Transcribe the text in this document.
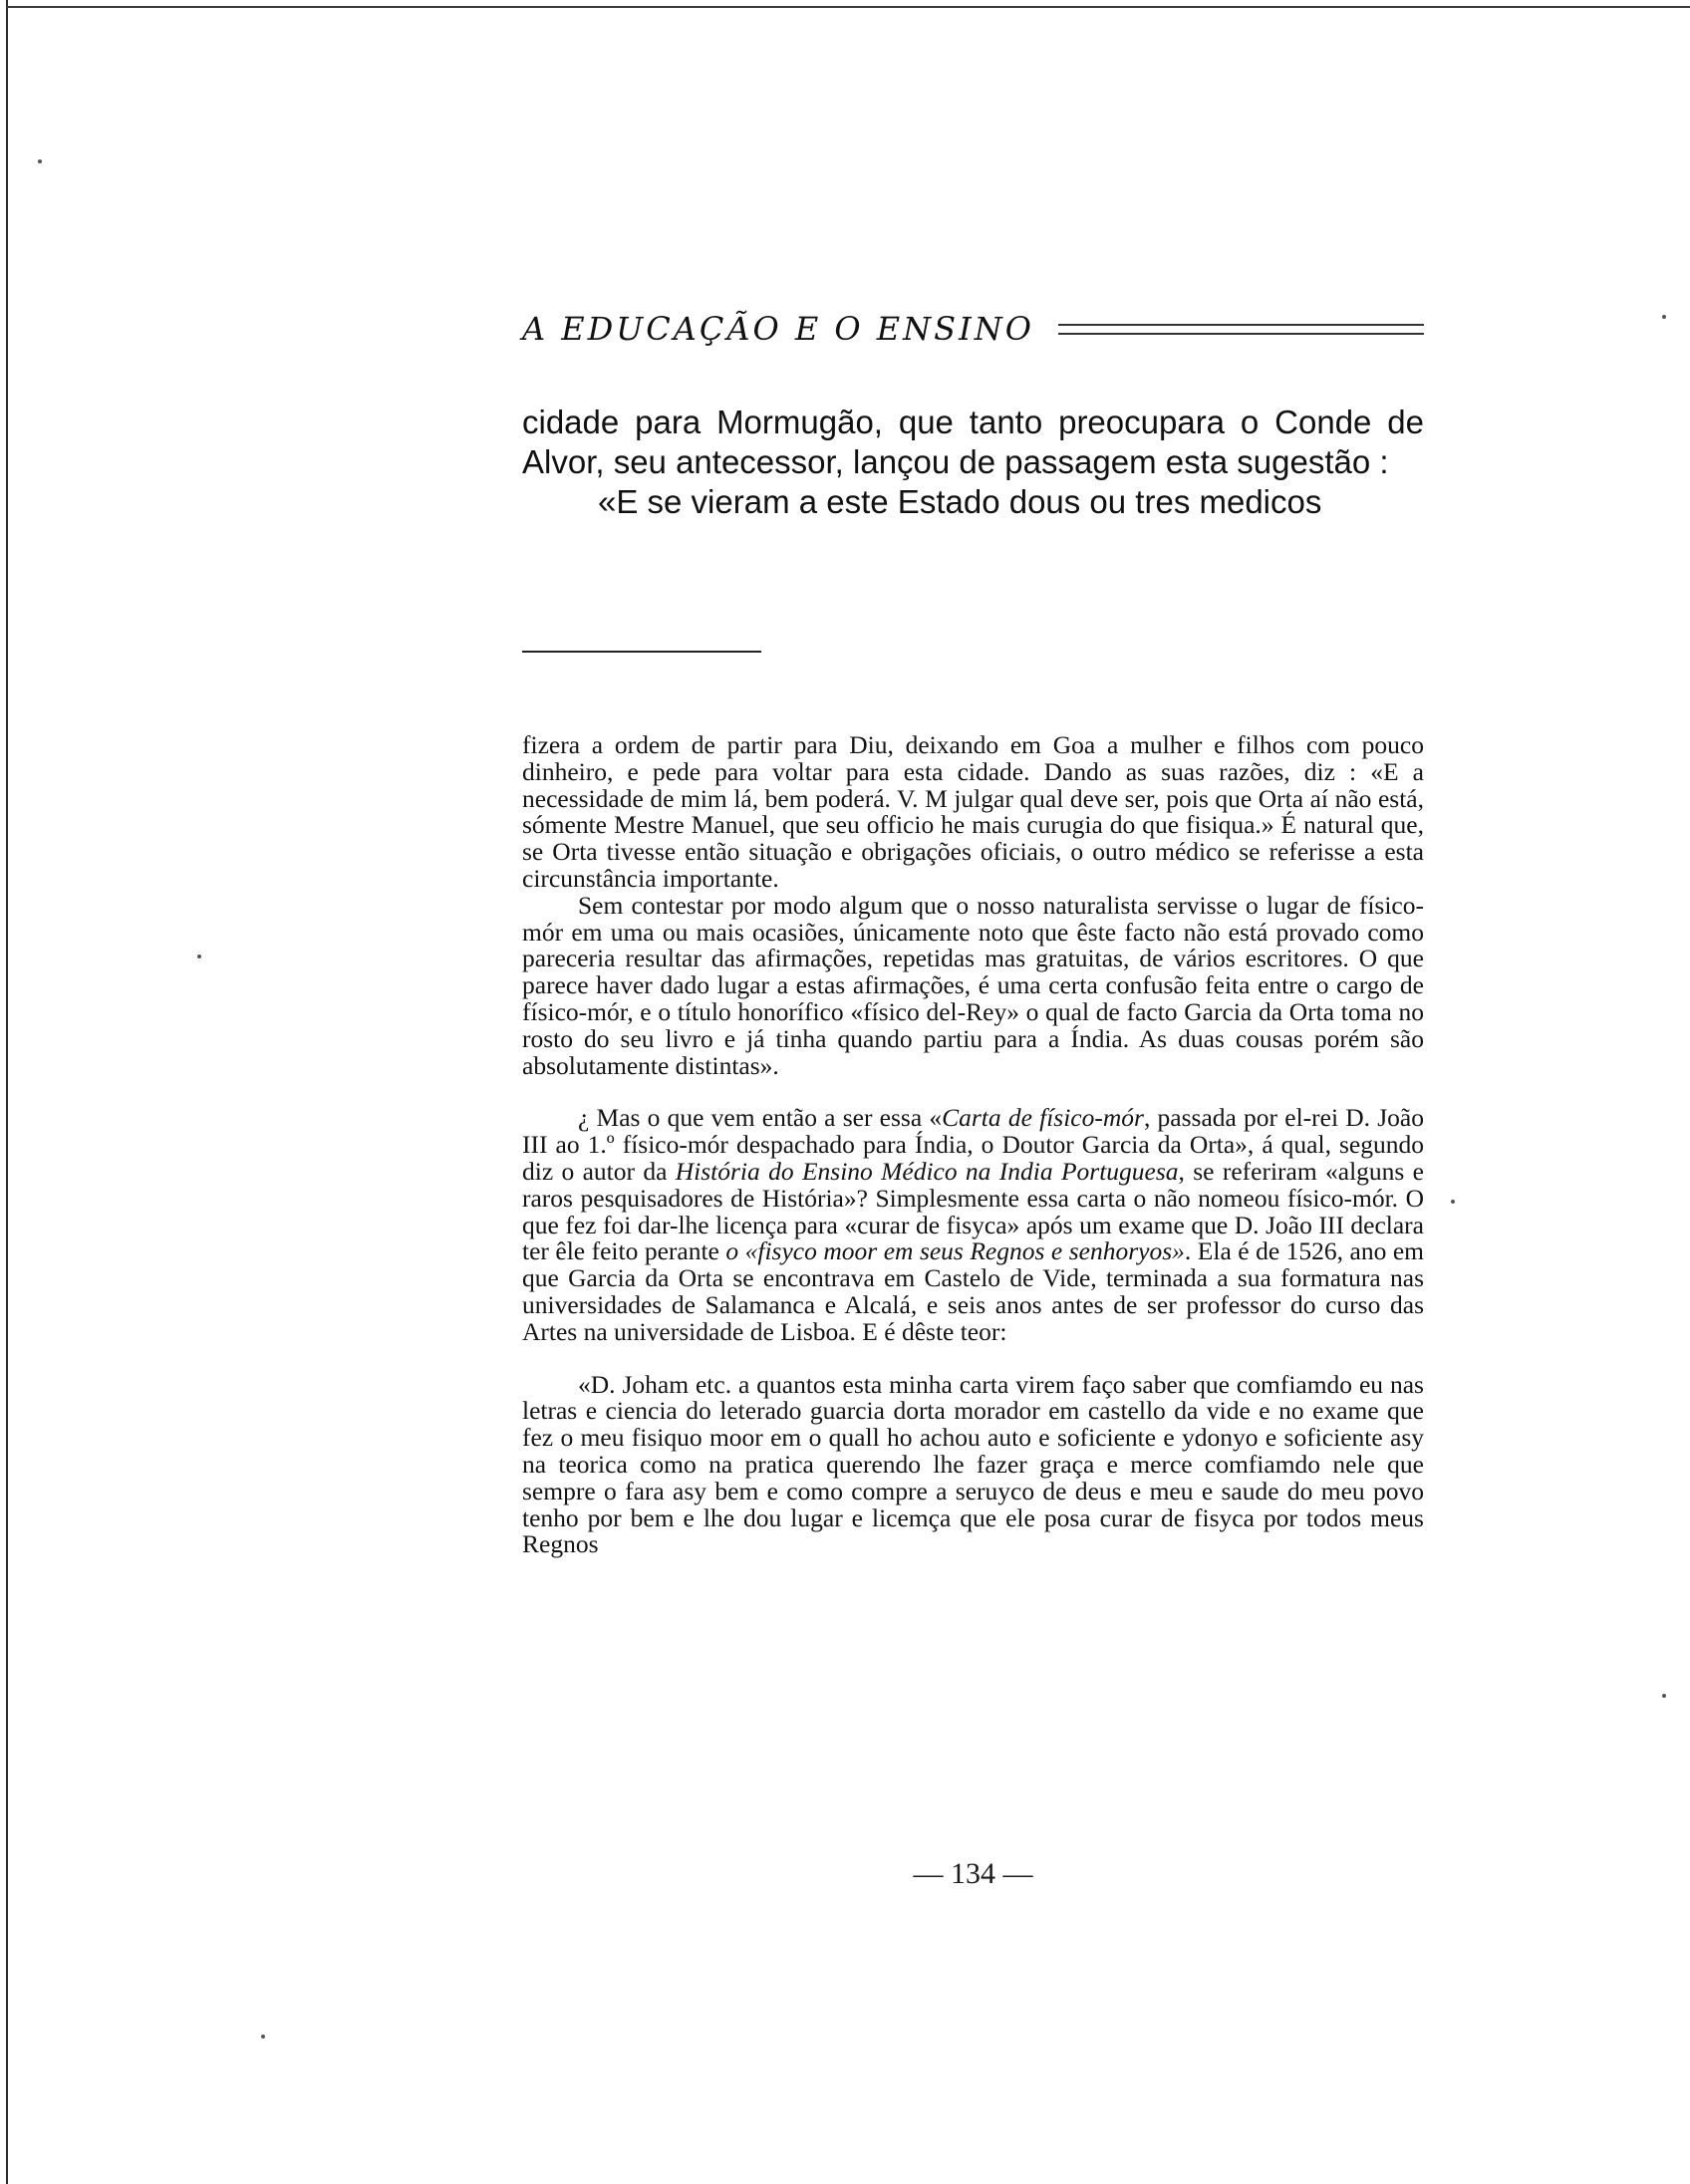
A EDUCAÇÃO E O ENSINO

cidade para Mormugão, que tanto preocupara o Conde de Alvor, seu antecessor, lançou de passagem esta sugestão :

«E se vieram a este Estado dous ou tres medicos

fizera a ordem de partir para Diu, deixando em Goa a mulher e filhos com pouco dinheiro, e pede para voltar para esta cidade. Dando as suas razões, diz : «E a necessidade de mim lá, bem poderá. V. M julgar qual deve ser, pois que Orta aí não está, sómente Mestre Manuel, que seu officio he mais curugia do que fisiqua.» É natural que, se Orta tivesse então situação e obrigações oficiais, o outro médico se referisse a esta circunstância importante.

Sem contestar por modo algum que o nosso naturalista servisse o lugar de físico-mór em uma ou mais ocasiões, únicamente noto que êste facto não está provado como pareceria resultar das afirmações, repetidas mas gratuitas, de vários escritores. O que parece haver dado lugar a estas afirmações, é uma certa confusão feita entre o cargo de físico-mór, e o título honorífico «físico del-Rey» o qual de facto Garcia da Orta toma no rosto do seu livro e já tinha quando partiu para a Índia. As duas cousas porém são absolutamente distintas».

¿ Mas o que vem então a ser essa «Carta de físico-mór, passada por el-rei D. João III ao 1.º físico-mór despachado para Índia, o Doutor Garcia da Orta», á qual, segundo diz o autor da História do Ensino Médico na India Portuguesa, se referiram «alguns e raros pesquisadores de História»? Simplesmente essa carta o não nomeou físico-mór. O que fez foi dar-lhe licença para «curar de fisyca» após um exame que D. João III declara ter êle feito perante o «fisyco moor em seus Regnos e senhoryos». Ela é de 1526, ano em que Garcia da Orta se encontrava em Castelo de Vide, terminada a sua formatura nas universidades de Salamanca e Alcalá, e seis anos antes de ser professor do curso das Artes na universidade de Lisboa. E é dêste teor:

«D. Joham etc. a quantos esta minha carta virem faço saber que comfiamdo eu nas letras e ciencia do leterado guarcia dorta morador em castello da vide e no exame que fez o meu fisiquo moor em o quall ho achou auto e soficiente e ydonyo e soficiente asy na teorica como na pratica querendo lhe fazer graça e merce comfiamdo nele que sempre o fara asy bem e como compre a seruyco de deus e meu e saude do meu povo tenho por bem e lhe dou lugar e licemça que ele posa curar de fisyca por todos meus Regnos

— 134 —
